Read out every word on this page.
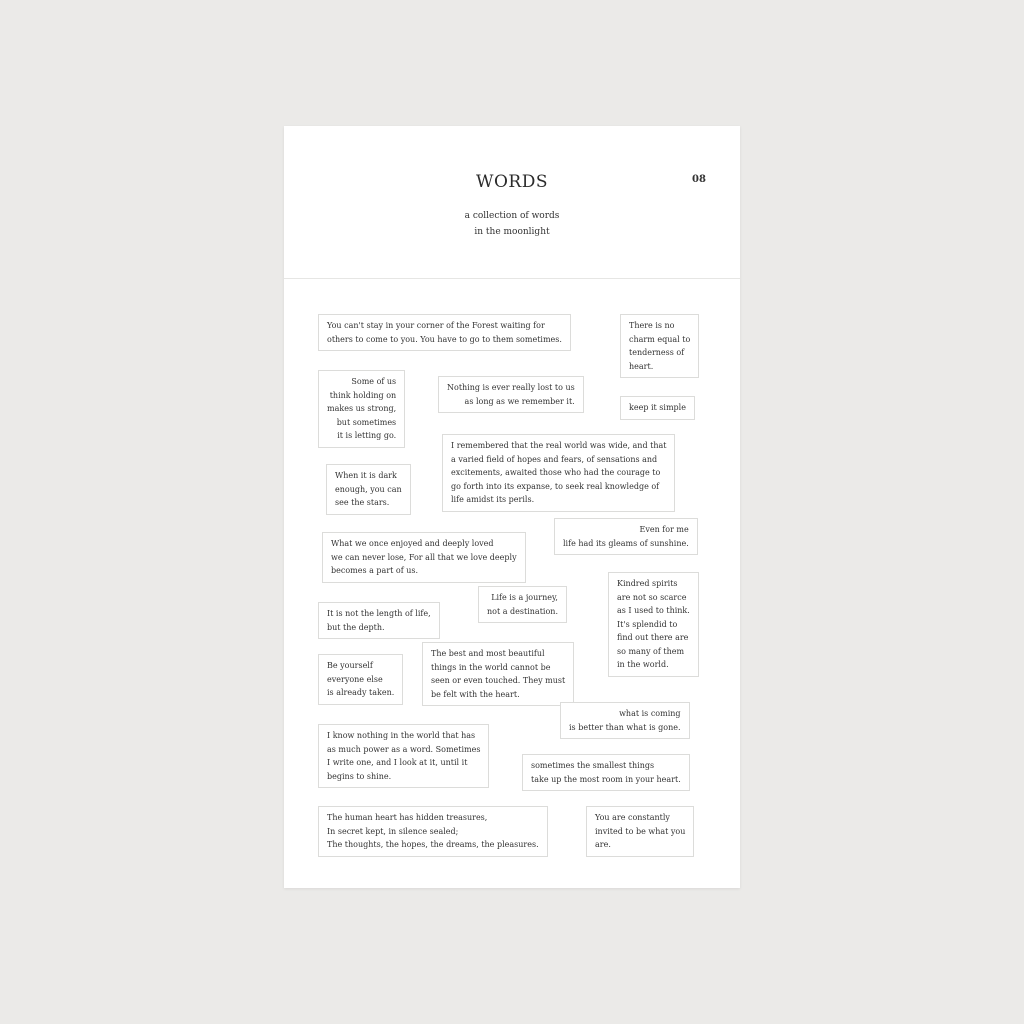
WORDS	08
a collection of words
in the moonlight
You can't stay in your corner of the Forest waiting for
others to come to you. You have to go to them sometimes.
There is no
charm equal to
tenderness of
heart.
Some of us
think holding on
makes us strong,
but sometimes
it is letting go.
Nothing is ever really lost to us
as long as we remember it.
keep it simple
I remembered that the real world was wide, and that
a varied field of hopes and fears, of sensations and
excitements, awaited those who had the courage to
go forth into its expanse, to seek real knowledge of
life amidst its perils.
When it is dark
enough, you can
see the stars.
Even for me
life had its gleams of sunshine.
What we once enjoyed and deeply loved
we can never lose, For all that we love deeply
becomes a part of us.
Life is a journey,
not a destination.
Kindred spirits
are not so scarce
as I used to think.
It's splendid to
find out there are
so many of them
in the world.
It is not the length of life,
but the depth.
The best and most beautiful
things in the world cannot be
seen or even touched. They must
be felt with the heart.
Be yourself
everyone else
is already taken.
what is coming
is better than what is gone.
I know nothing in the world that has
as much power as a word. Sometimes
I write one, and I look at it, until it
begins to shine.
sometimes the smallest things
take up the most room in your heart.
The human heart has hidden treasures,
In secret kept, in silence sealed;
The thoughts, the hopes, the dreams, the pleasures.
You are constantly
invited to be what you
are.
